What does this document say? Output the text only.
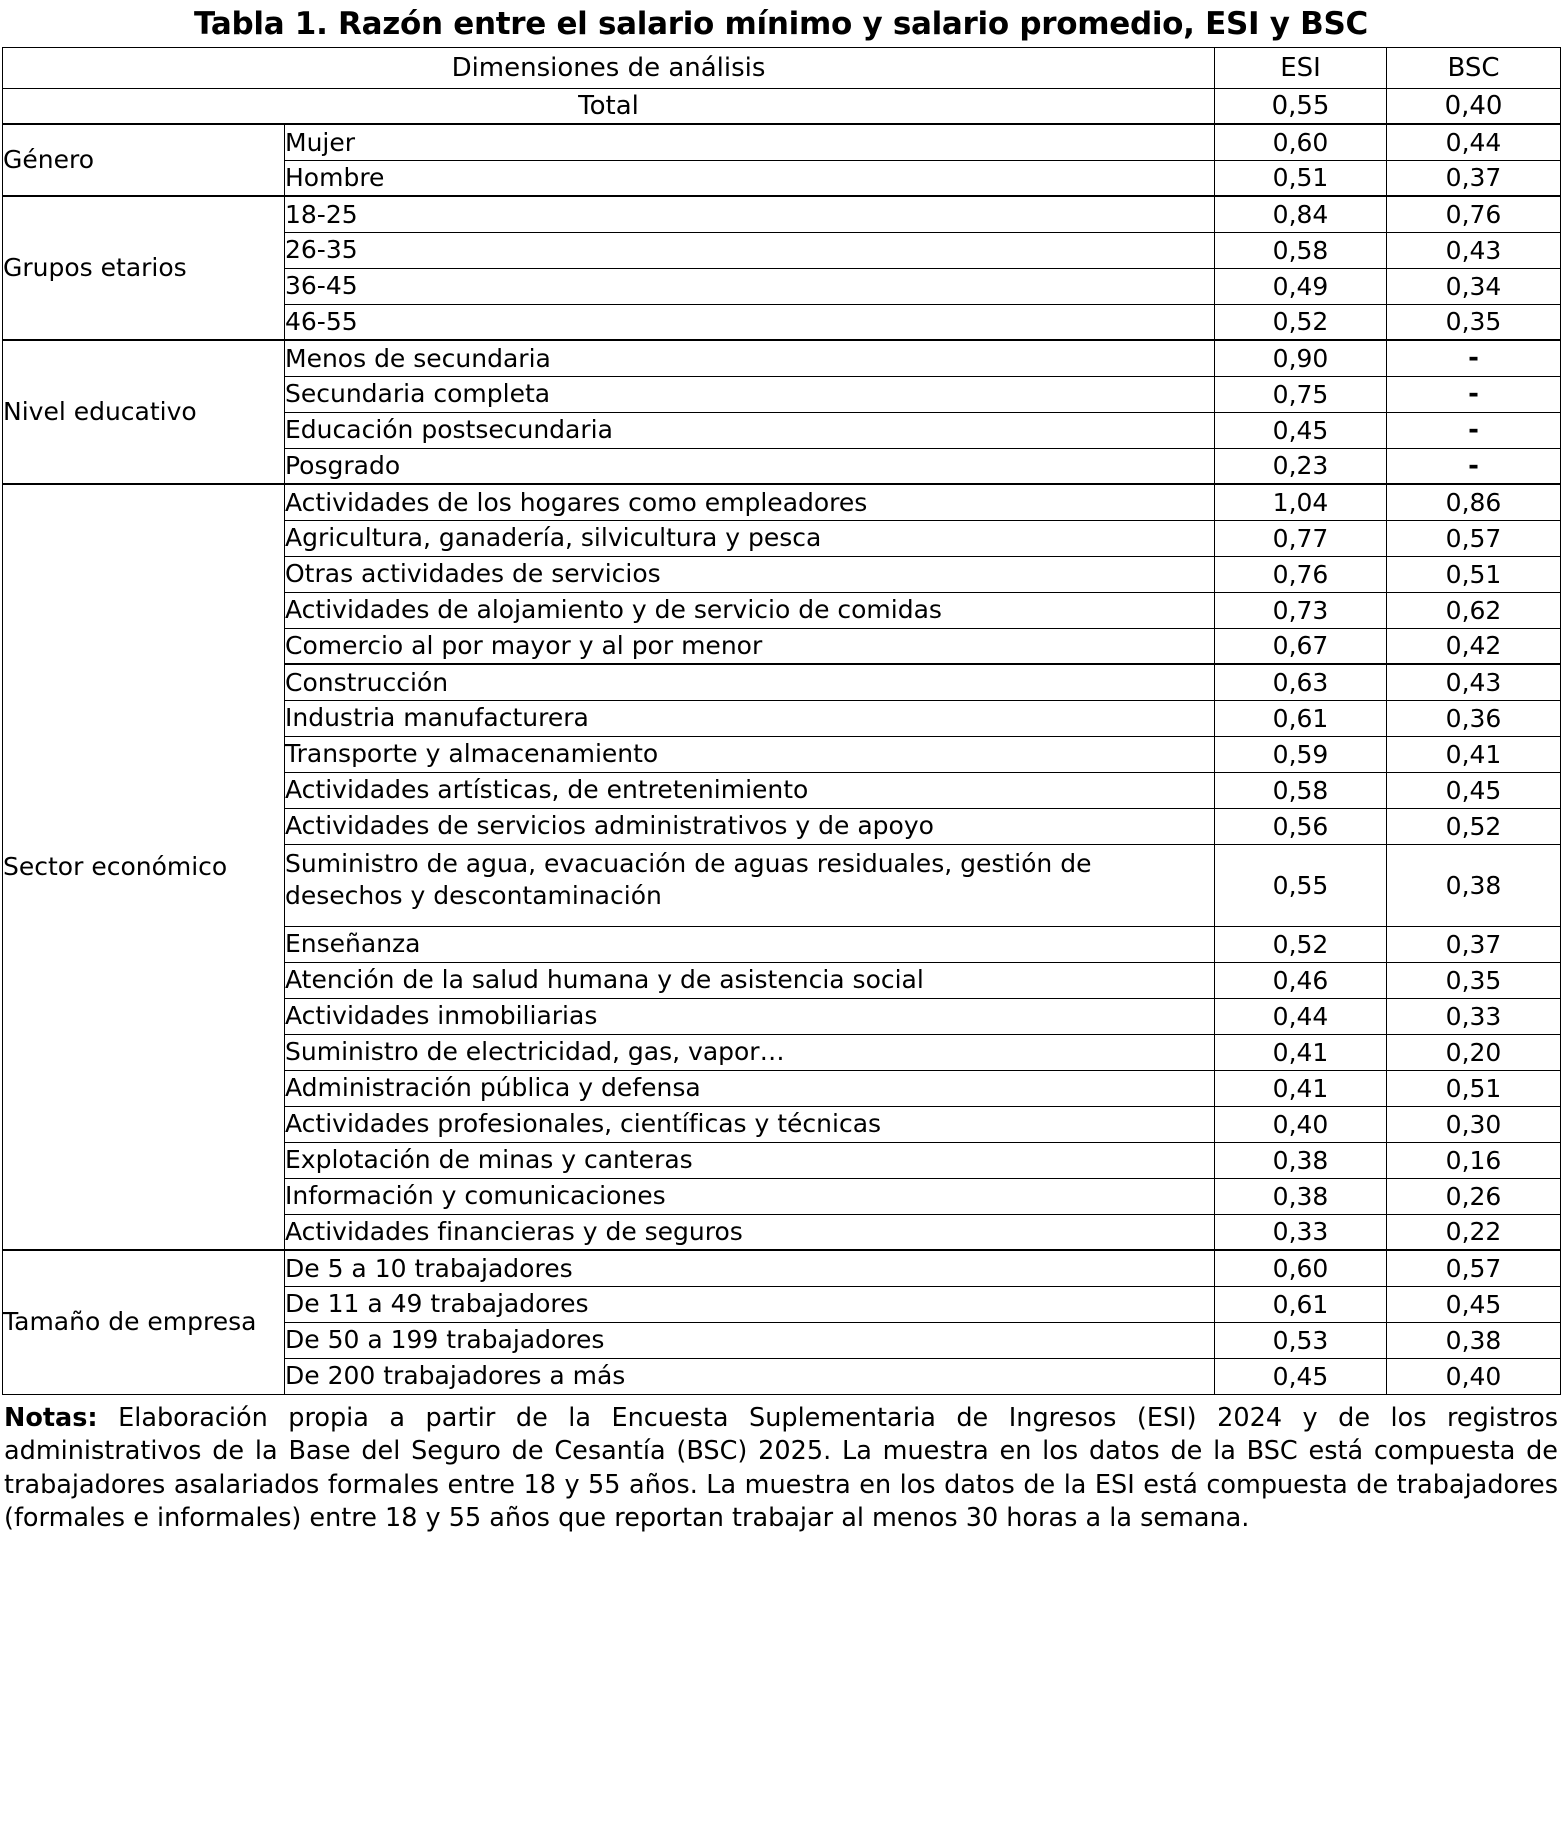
Tabla 1. Razón entre el salario mínimo y salario promedio, ESI y BSC
Dimensiones de análisis		ESI	BSC
Total		0,55	0,40
Género	Mujer	0,60	0,44
	Hombre	0,51	0,37
Grupos etarios	18-25	0,84	0,76
	26-35	0,58	0,43
	36-45	0,49	0,34
	46-55	0,52	0,35
Nivel educativo	Menos de secundaria	0,90	-
	Secundaria completa	0,75	-
	Educación postsecundaria	0,45	-
	Posgrado	0,23	-
Sector económico	Actividades de los hogares como empleadores	1,04	0,86
	Agricultura, ganadería, silvicultura y pesca	0,77	0,57
	Otras actividades de servicios	0,76	0,51
	Actividades de alojamiento y de servicio de comidas	0,73	0,62
	Comercio al por mayor y al por menor	0,67	0,42
	Construcción	0,63	0,43
	Industria manufacturera	0,61	0,36
	Transporte y almacenamiento	0,59	0,41
	Actividades artísticas, de entretenimiento	0,58	0,45
	Actividades de servicios administrativos y de apoyo	0,56	0,52
	Suministro de agua, evacuación de aguas residuales, gestión de desechos y descontaminación	0,55	0,38
	Enseñanza	0,52	0,37
	Atención de la salud humana y de asistencia social	0,46	0,35
	Actividades inmobiliarias	0,44	0,33
	Suministro de electricidad, gas, vapor…	0,41	0,20
	Administración pública y defensa	0,41	0,51
	Actividades profesionales, científicas y técnicas	0,40	0,30
	Explotación de minas y canteras	0,38	0,16
	Información y comunicaciones	0,38	0,26
	Actividades financieras y de seguros	0,33	0,22
Tamaño de empresa	De 5 a 10 trabajadores	0,60	0,57
	De 11 a 49 trabajadores	0,61	0,45
	De 50 a 199 trabajadores	0,53	0,38
	De 200 trabajadores a más	0,45	0,40

Notas: Elaboración propia a partir de la Encuesta Suplementaria de Ingresos (ESI) 2024 y de los registros administrativos de la Base del Seguro de Cesantía (BSC) 2025. La muestra en los datos de la BSC está compuesta de trabajadores asalariados formales entre 18 y 55 años. La muestra en los datos de la ESI está compuesta de trabajadores (formales e informales) entre 18 y 55 años que reportan trabajar al menos 30 horas a la semana.
